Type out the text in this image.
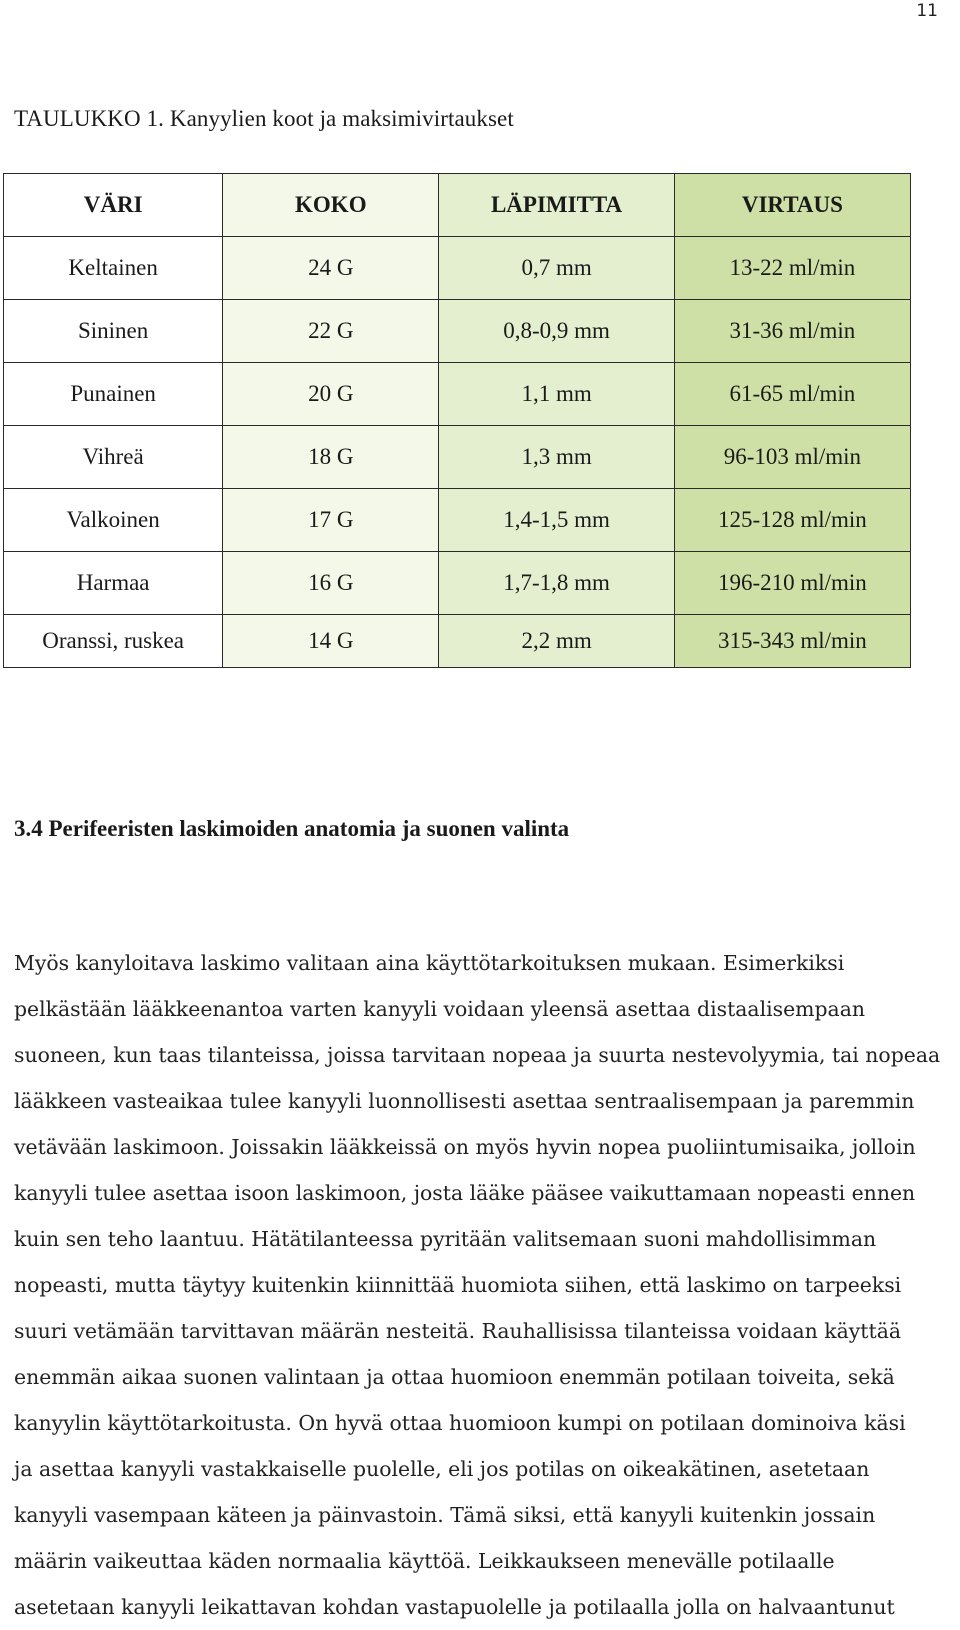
11
TAULUKKO 1. Kanyylien koot ja maksimivirtaukset
VÄRI	KOKO	LÄPIMITTA	VIRTAUS
Keltainen	24 G	0,7 mm	13-22 ml/min
Sininen	22 G	0,8-0,9 mm	31-36 ml/min
Punainen	20 G	1,1 mm	61-65 ml/min
Vihreä	18 G	1,3 mm	96-103 ml/min
Valkoinen	17 G	1,4-1,5 mm	125-128 ml/min
Harmaa	16 G	1,7-1,8 mm	196-210 ml/min
Oranssi, ruskea	14 G	2,2 mm	315-343 ml/min
3.4 Perifeeristen laskimoiden anatomia ja suonen valinta
Myös kanyloitava laskimo valitaan aina käyttötarkoituksen mukaan. Esimerkiksi
pelkästään lääkkeenantoa varten kanyyli voidaan yleensä asettaa distaalisempaan
suoneen, kun taas tilanteissa, joissa tarvitaan nopeaa ja suurta nestevolyymia, tai nopeaa
lääkkeen vasteaikaa tulee kanyyli luonnollisesti asettaa sentraalisempaan ja paremmin
vetävään laskimoon. Joissakin lääkkeissä on myös hyvin nopea puoliintumisaika, jolloin
kanyyli tulee asettaa isoon laskimoon, josta lääke pääsee vaikuttamaan nopeasti ennen
kuin sen teho laantuu. Hätätilanteessa pyritään valitsemaan suoni mahdollisimman
nopeasti, mutta täytyy kuitenkin kiinnittää huomiota siihen, että laskimo on tarpeeksi
suuri vetämään tarvittavan määrän nesteitä. Rauhallisissa tilanteissa voidaan käyttää
enemmän aikaa suonen valintaan ja ottaa huomioon enemmän potilaan toiveita, sekä
kanyylin käyttötarkoitusta. On hyvä ottaa huomioon kumpi on potilaan dominoiva käsi
ja asettaa kanyyli vastakkaiselle puolelle, eli jos potilas on oikeakätinen, asetetaan
kanyyli vasempaan käteen ja päinvastoin. Tämä siksi, että kanyyli kuitenkin jossain
määrin vaikeuttaa käden normaalia käyttöä. Leikkaukseen menevälle potilaalle
asetetaan kanyyli leikattavan kohdan vastapuolelle ja potilaalla jolla on halvaantunut
